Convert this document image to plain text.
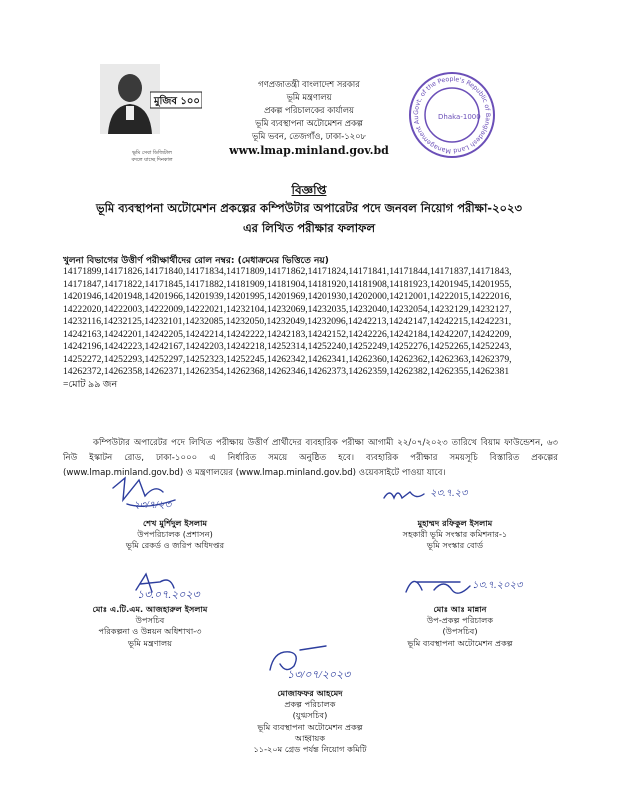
মুজিব ১০০
ভূমি সেবা ডিজিটাল
বদলে যাচ্ছে দিনকাল
গণপ্রজাতন্ত্রী বাংলাদেশ সরকার
ভূমি মন্ত্রণালয়
প্রকল্প পরিচালকের কার্যালয়
ভূমি ব্যবস্থাপনা অটোমেশন প্রকল্প
ভূমি ভবন, তেজগাঁও, ঢাকা-১২০৮
www.lmap.minland.gov.bd
Govt. of the People's Republic of Bangladesh Land Management Au	Dhaka-1000
বিজ্ঞপ্তি
ভূমি ব্যবস্থাপনা অটোমেশন প্রকল্পের কম্পিউটার অপারেটর পদে জনবল নিয়োগ পরীক্ষা-২০২৩
এর লিখিত পরীক্ষার ফলাফল
খুলনা বিভাগের উত্তীর্ণ পরীক্ষার্থীদের রোল নম্বর: (মেধাক্রমের ভিত্তিতে নয়)
14171899,14171826,14171840,14171834,14171809,14171862,14171824,14171841,14171844,14171837,14171843,
14171847,14171822,14171845,14171882,14181909,14181904,14181920,14181908,14181923,14201945,14201955,
14201946,14201948,14201966,14201939,14201995,14201969,14201930,14202000,14212001,14222015,14222016,
14222020,14222003,14222009,14222021,14232104,14232069,14232035,14232040,14232054,14232129,14232127,
14232116,14232125,14232101,14232085,14232050,14232049,14232096,14242213,14242147,14242215,14242231,
14242163,14242201,14242205,14242214,14242222,14242183,14242152,14242226,14242184,14242207,14242209,
14242196,14242223,14242167,14242203,14242218,14252314,14252240,14252249,14252276,14252265,14252243,
14252272,14252293,14252297,14252323,14252245,14262342,14262341,14262360,14262362,14262363,14262379,
14262372,14262358,14262371,14262354,14262368,14262346,14262373,14262359,14262382,14262355,14262381
=মোট ৯৯ জন
কম্পিউটার অপারেটর পদে লিখিত পরীক্ষায় উত্তীর্ণ প্রার্থীদের ব্যবহারিক পরীক্ষা আগামী ২২/০৭/২০২৩ তারিখে বিয়াম ফাউন্ডেশন, ৬৩ নিউ ইস্কাটন রোড, ঢাকা-১০০০ এ নির্ধারিত সময়ে অনুষ্ঠিত হবে। ব্যবহারিক পরীক্ষার সময়সূচি বিস্তারিত প্রকল্পের (www.lmap.minland.gov.bd) ও মন্ত্রণালয়ের (www.lmap.minland.gov.bd) ওয়েবসাইটে পাওয়া যাবে।
২৩/৭/২৩
শেখ মুর্শিদুল ইসলাম
উপপরিচালক (প্রশাসন)
ভূমি রেকর্ড ও জরিপ অধিদপ্তর
২৩.৭.২৩
মুহাম্মদ রফিকুল ইসলাম
সহকারী ভূমি সংস্কার কমিশনার-১
ভূমি সংস্কার বোর্ড
১৩.০৭.২০২৩
মোঃ এ.টি.এম. আজহারুল ইসলাম
উপসচিব
পরিকল্পনা ও উন্নয়ন অধিশাখা-৩
ভূমি মন্ত্রণালয়
১৩.৭.২০২৩
মোঃ আঃ মান্নান
উপ-প্রকল্প পরিচালক
(উপসচিব)
ভূমি ব্যবস্থাপনা অটোমেশন প্রকল্প
১৩/০৭/২০২৩
মোজাফফর আহমেদ
প্রকল্প পরিচালক
(যুগ্মসচিব)
ভূমি ব্যবস্থাপনা অটোমেশন প্রকল্প
আহ্বায়ক
১১-২০ম গ্রেড পর্যন্ত নিয়োগ কমিটি
